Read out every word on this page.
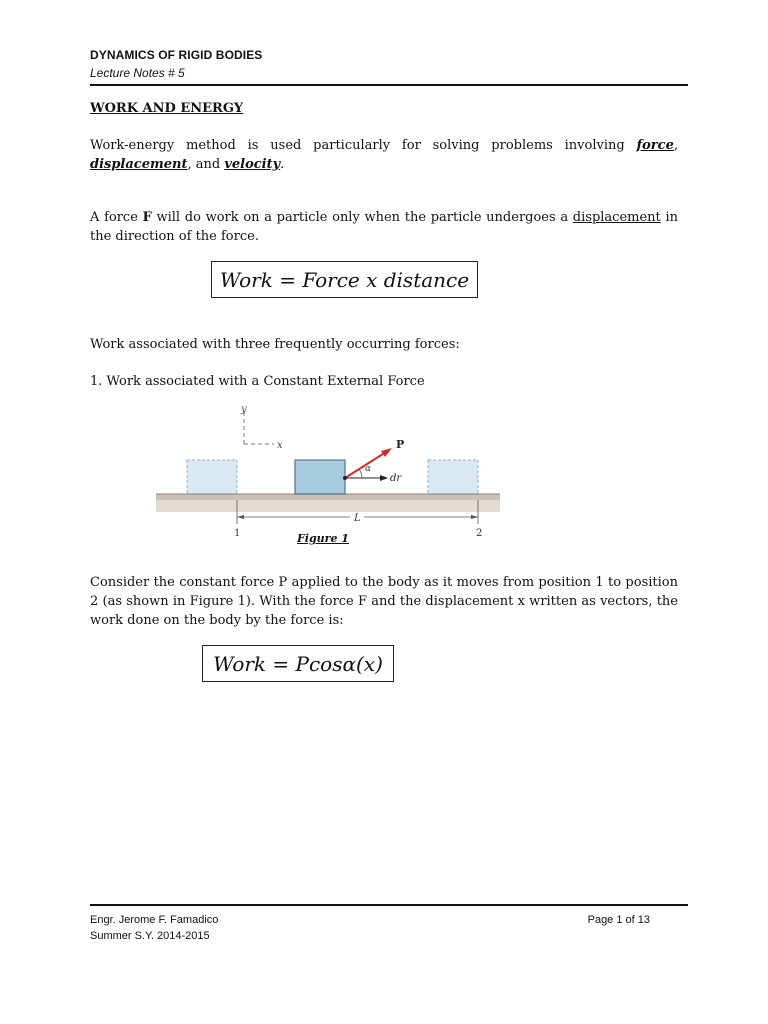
DYNAMICS OF RIGID BODIES
Lecture Notes # 5
WORK AND ENERGY
Work-energy method is used particularly for solving problems involving force, displacement, and velocity.
A force F will do work on a particle only when the particle undergoes a displacement in the direction of the force.
Work = Force x distance
Work associated with three frequently occurring forces:
1. Work associated with a Constant External Force
y
x
dr
P
α
L
1	2
Figure 1
Consider the constant force P applied to the body as it moves from position 1 to position 2 (as shown in Figure 1). With the force F and the displacement x written as vectors, the work done on the body by the force is:
Work = Pcosα(x)
Engr. Jerome F. Famadico
Summer S.Y. 2014-2015
Page 1 of 13
